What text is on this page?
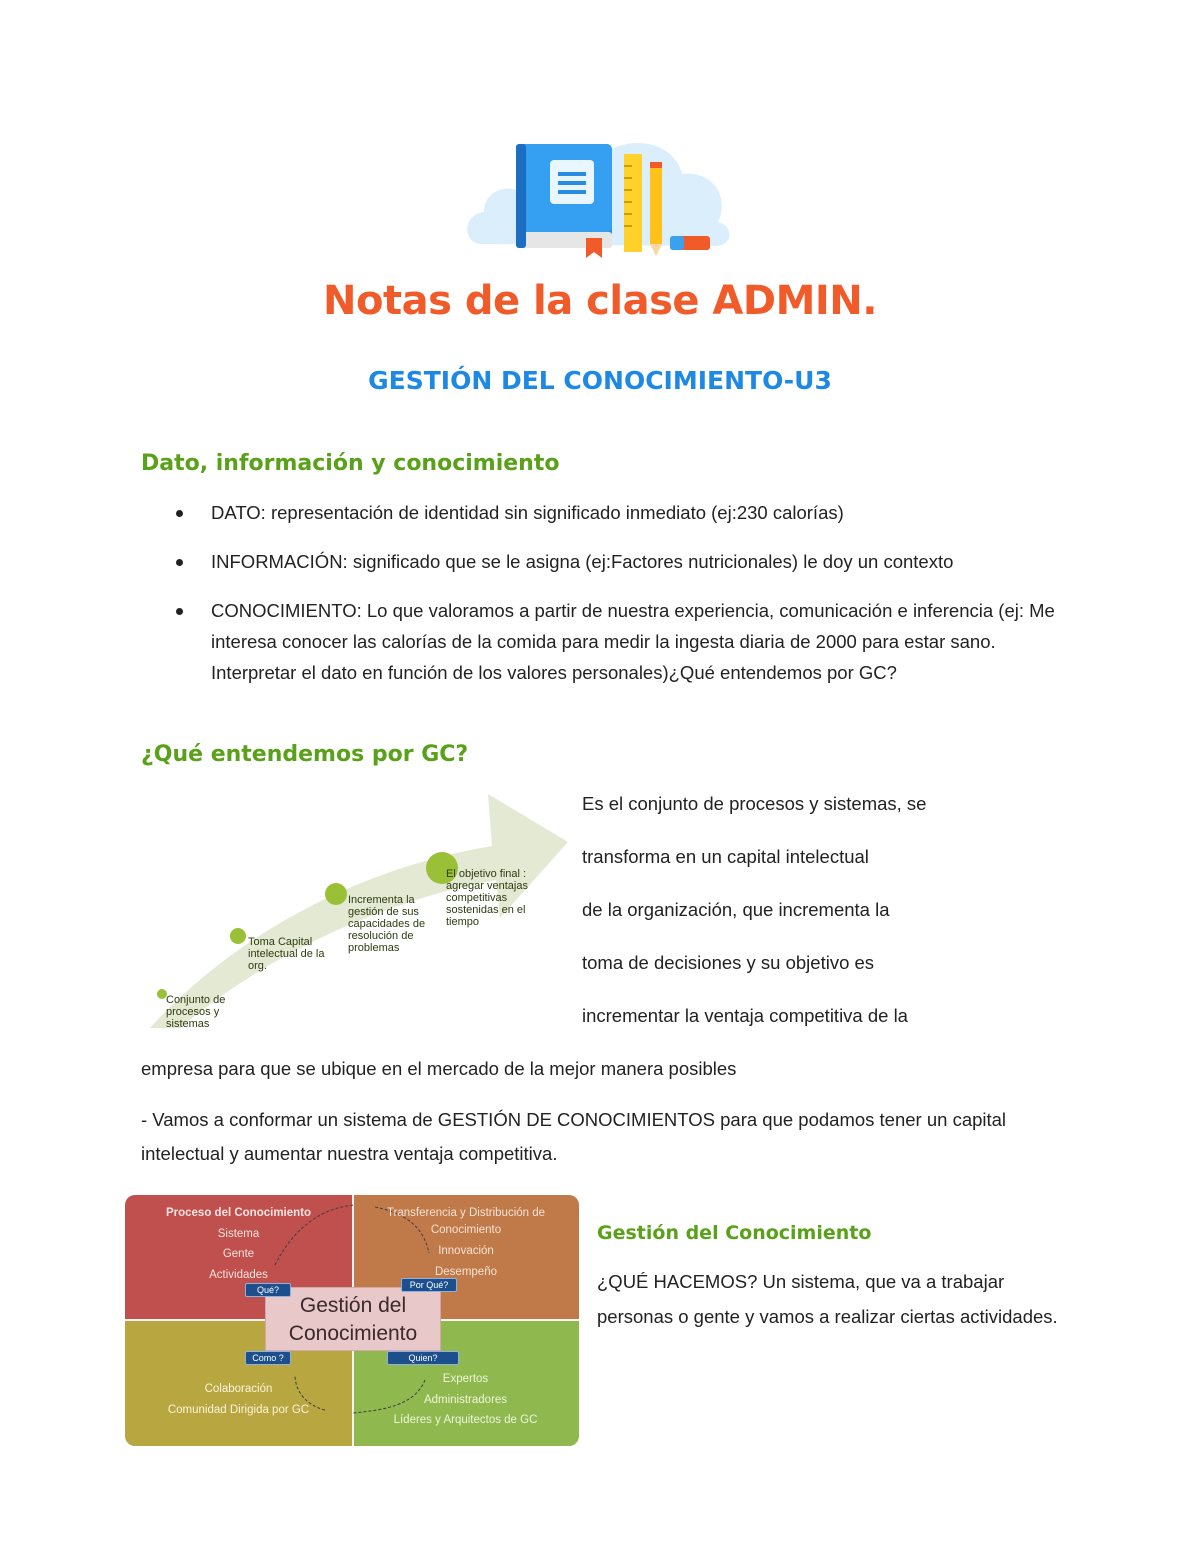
Notas de la clase ADMIN.
GESTIÓN DEL CONOCIMIENTO-U3
Dato, información y conocimiento
DATO: representación de identidad sin significado inmediato (ej:230 calorías)
INFORMACIÓN: significado que se le asigna (ej:Factores nutricionales) le doy un contexto
CONOCIMIENTO: Lo que valoramos a partir de nuestra experiencia, comunicación e inferencia (ej: Me interesa conocer las calorías de la comida para medir la ingesta diaria de 2000 para estar sano. Interpretar el dato en función de los valores personales)¿Qué entendemos por GC?
¿Qué entendemos por GC?
Conjunto de procesos y sistemas
Toma Capital intelectual de la org.
Incrementa la gestión de sus capacidades de resolución de problemas
El objetivo final : agregar ventajas competitivas sostenidas en el tiempo
Es el conjunto de procesos y sistemas, se
transforma en un capital intelectual
de la organización, que incrementa la
toma de decisiones y su objetivo es
incrementar la ventaja competitiva de la
empresa para que se ubique en el mercado de la mejor manera posibles
- Vamos a conformar un sistema de GESTIÓN DE CONOCIMIENTOS para que podamos tener un capital intelectual y aumentar nuestra ventaja competitiva.
Proceso del Conocimiento
Sistema
Gente
Actividades
Transferencia y Distribución de Conocimiento
Innovación
Desempeño
Colaboración
Comunidad Dirigida por GC
Expertos
Administradores
Líderes y Arquitectos de GC
Gestión del Conocimiento
Qué?	Por Qué?
Como ?	Quien?
Gestión del Conocimiento
¿QUÉ HACEMOS? Un sistema, que va a trabajar personas o gente y vamos a realizar ciertas actividades.
